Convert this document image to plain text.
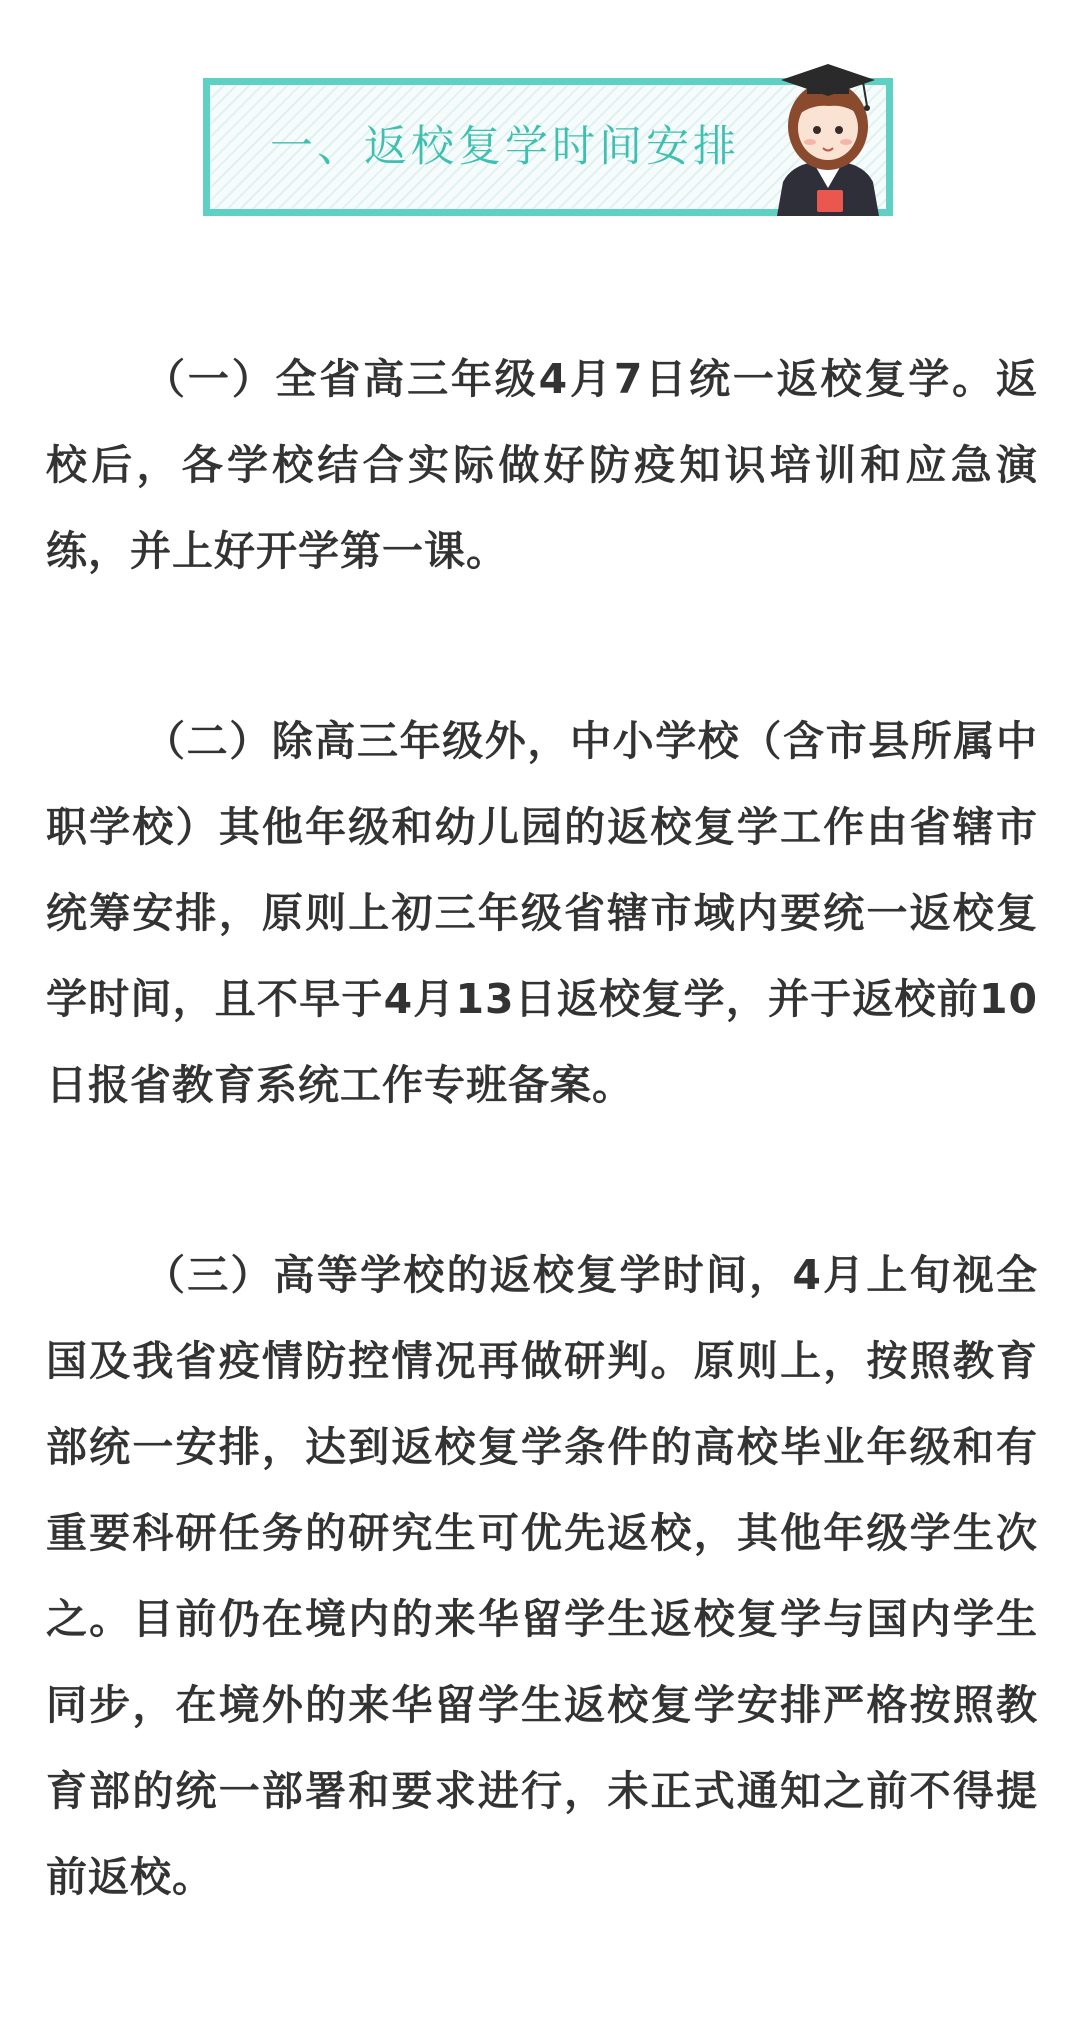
一、返校复学时间安排

（一）全省高三年级4月7日统一返校复学。返校后，各学校结合实际做好防疫知识培训和应急演练，并上好开学第一课。

（二）除高三年级外，中小学校（含市县所属中职学校）其他年级和幼儿园的返校复学工作由省辖市统筹安排，原则上初三年级省辖市域内要统一返校复学时间，且不早于4月13日返校复学，并于返校前10日报省教育系统工作专班备案。

（三）高等学校的返校复学时间，4月上旬视全国及我省疫情防控情况再做研判。原则上，按照教育部统一安排，达到返校复学条件的高校毕业年级和有重要科研任务的研究生可优先返校，其他年级学生次之。目前仍在境内的来华留学生返校复学与国内学生同步，在境外的来华留学生返校复学安排严格按照教育部的统一部署和要求进行，未正式通知之前不得提前返校。
